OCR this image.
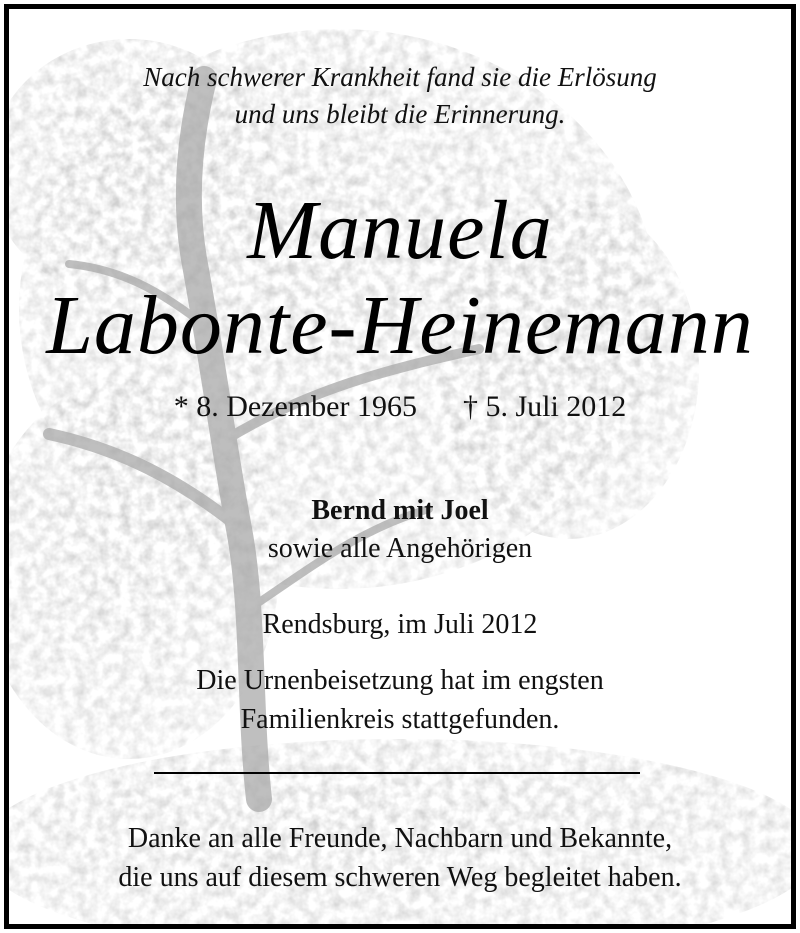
Nach schwerer Krankheit fand sie die Erlösung
und uns bleibt die Erinnerung.
Manuela
Labonte-Heinemann
* 8. Dezember 1965 † 5. Juli 2012
Bernd mit Joel
sowie alle Angehörigen
Rendsburg, im Juli 2012
Die Urnenbeisetzung hat im engsten
Familienkreis stattgefunden.
Danke an alle Freunde, Nachbarn und Bekannte,
die uns auf diesem schweren Weg begleitet haben.
